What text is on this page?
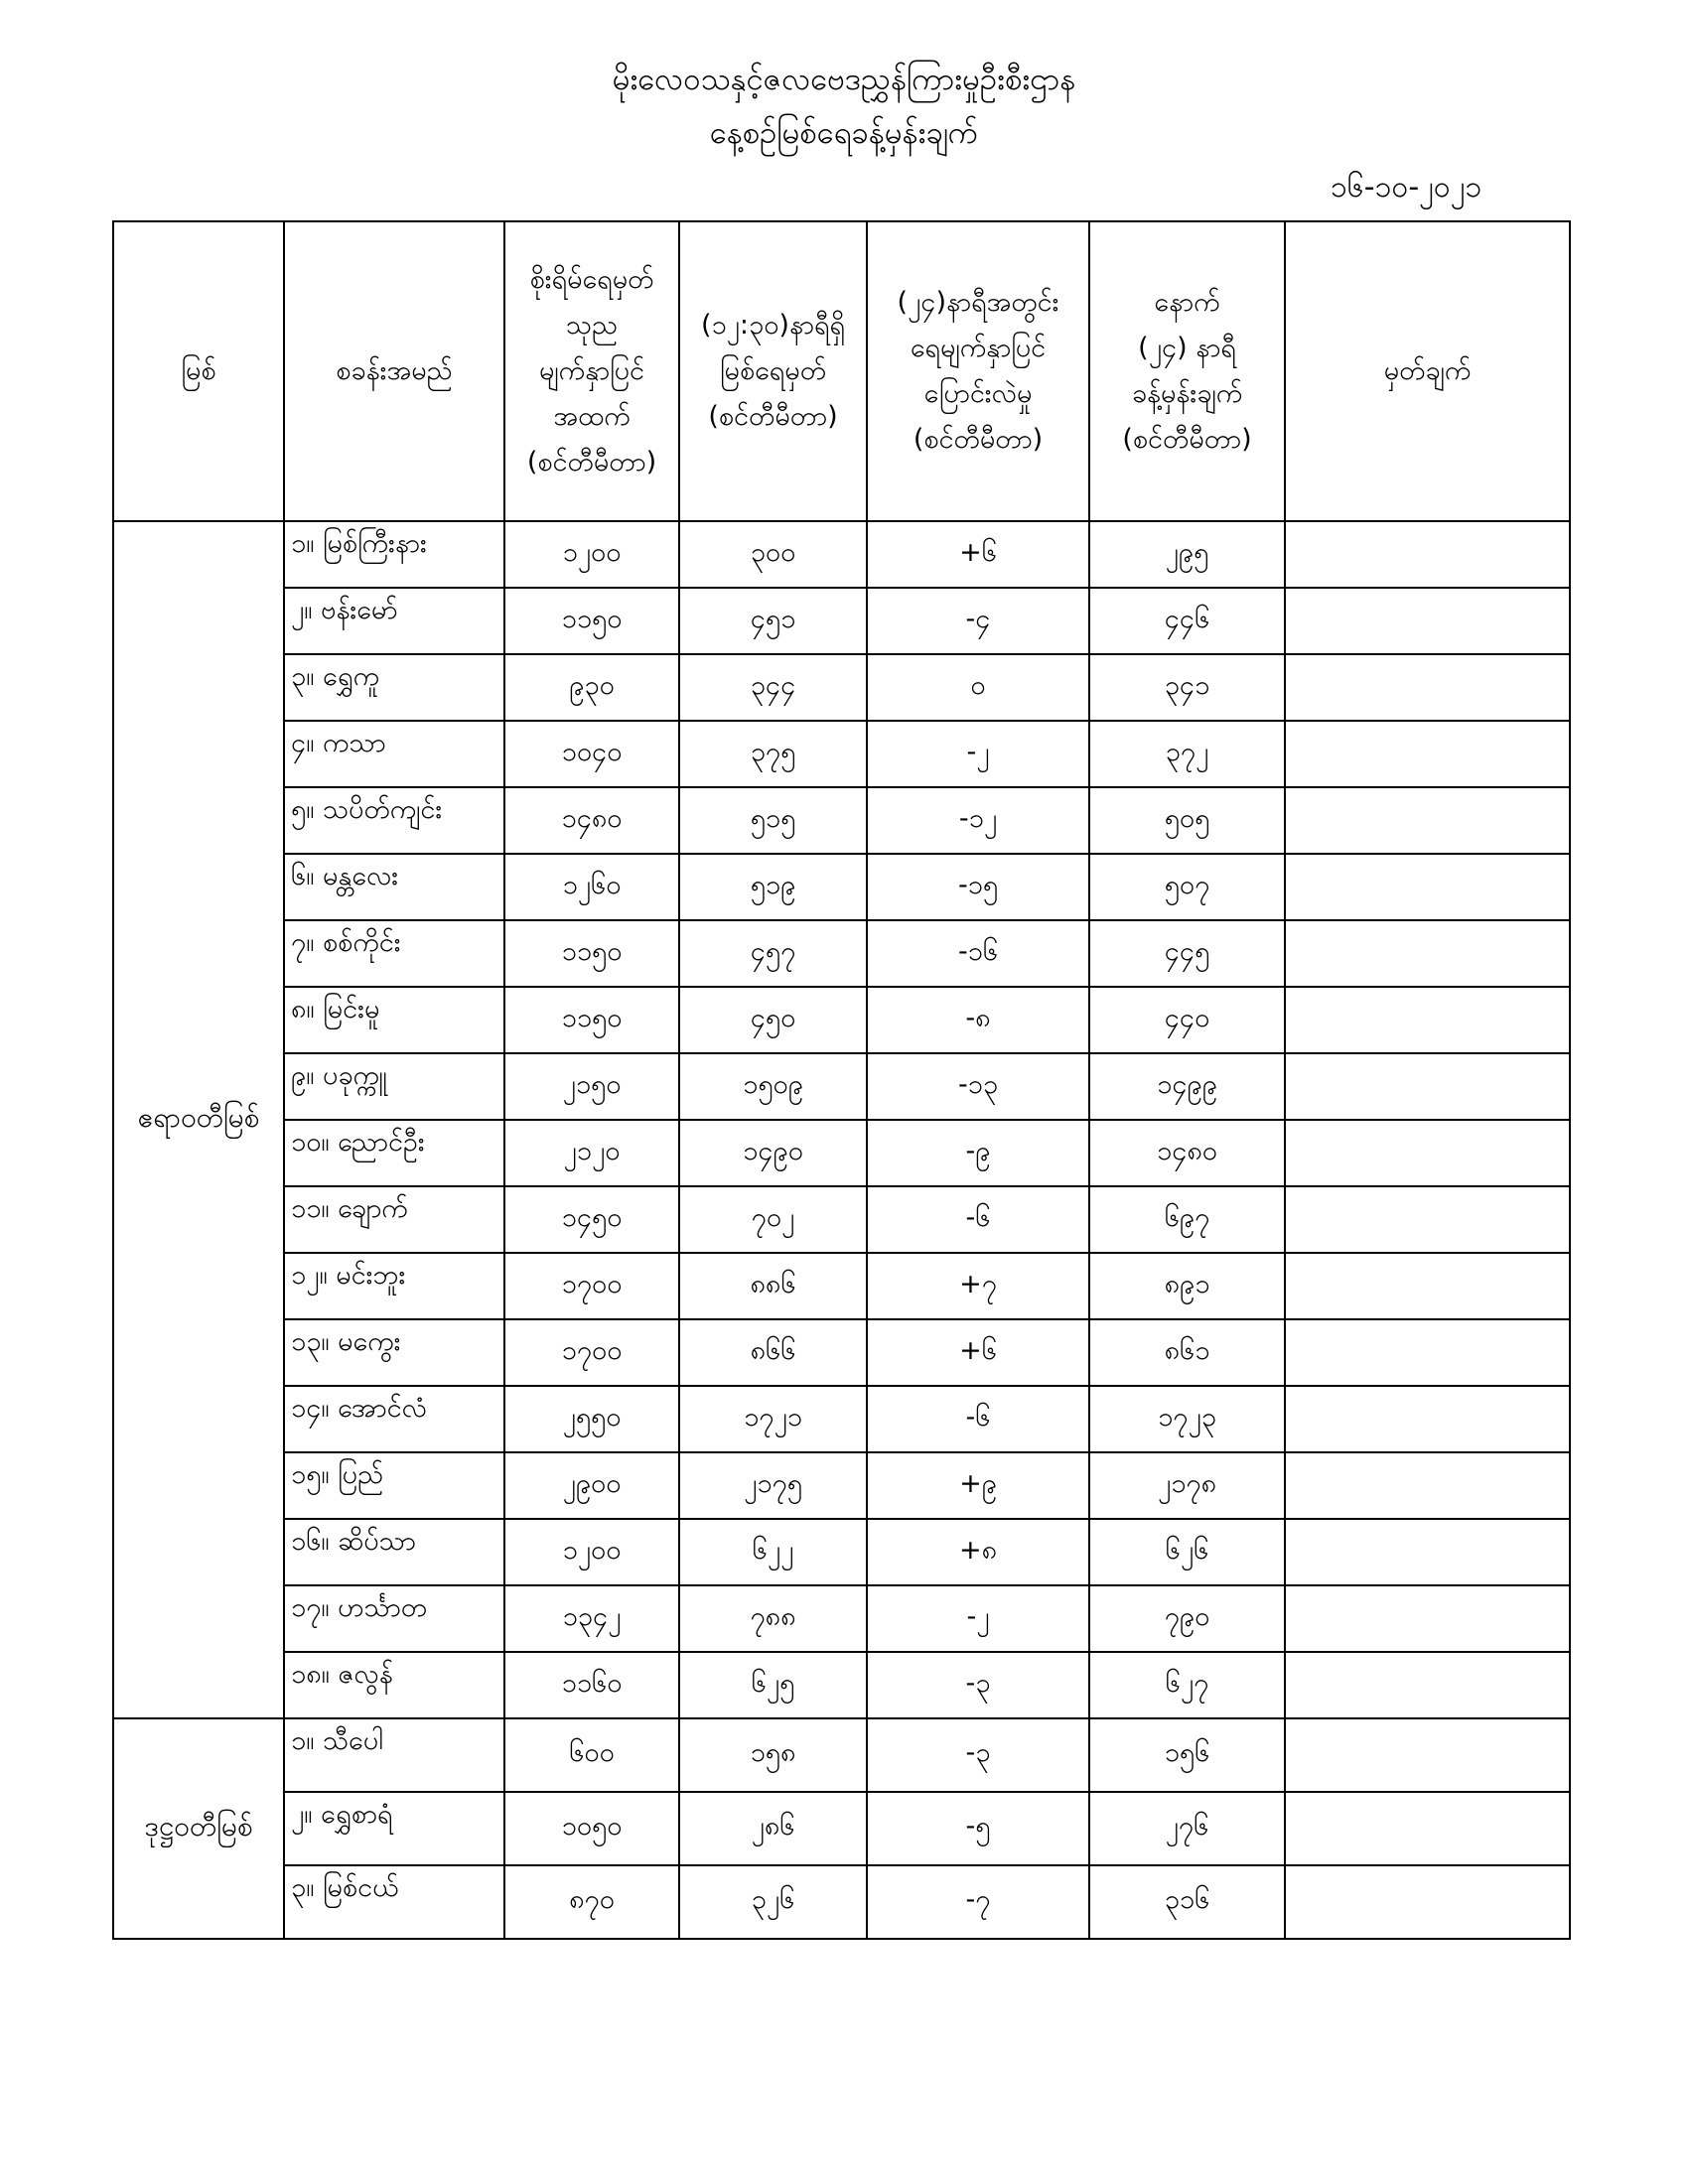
မိုးလေဝသနှင့်ဇလဗေဒညွှန်ကြားမှုဦးစီးဌာန
နေ့စဉ်မြစ်ရေခန့်မှန်းချက်
၁၆-၁၀-၂၀၂၁
မြစ်	စခန်းအမည်	စိုးရိမ်ရေမှတ်
သုည
မျက်နှာပြင်
အထက်
(စင်တီမီတာ)	(၁၂:၃၀)နာရီရှိ
မြစ်ရေမှတ်
(စင်တီမီတာ)	(၂၄)နာရီအတွင်း
ရေမျက်နှာပြင်
ပြောင်းလဲမှု
(စင်တီမီတာ)	နောက်
(၂၄) နာရီ
ခန့်မှန်းချက်
(စင်တီမီတာ)	မှတ်ချက်

ဧရာဝတီမြစ်	၁။ မြစ်ကြီးနား	၁၂၀၀	၃၀၀	+၆	၂၉၅	
	၂။ ဗန်းမော်	၁၁၅၀	၄၅၁	-၄	၄၄၆	
	၃။ ရွှေကူ	၉၃၀	၃၄၄	၀	၃၄၁	
	၄။ ကသာ	၁၀၄၀	၃၇၅	-၂	၃၇၂	
	၅။ သပိတ်ကျင်း	၁၄၈၀	၅၁၅	-၁၂	၅၀၅	
	၆။ မန္တလေး	၁၂၆၀	၅၁၉	-၁၅	၅၀၇	
	၇။ စစ်ကိုင်း	၁၁၅၀	၄၅၇	-၁၆	၄၄၅	
	၈။ မြင်းမူ	၁၁၅၀	၄၅၀	-၈	၄၄၀	
	၉။ ပခုက္ကူ	၂၁၅၀	၁၅၀၉	-၁၃	၁၄၉၉	
	၁၀။ ညောင်ဦး	၂၁၂၀	၁၄၉၀	-၉	၁၄၈၀	
	၁၁။ ချောက်	၁၄၅၀	၇၀၂	-၆	၆၉၇	
	၁၂။ မင်းဘူး	၁၇၀၀	၈၈၆	+၇	၈၉၁	
	၁၃။ မကွေး	၁၇၀၀	၈၆၆	+၆	၈၆၁	
	၁၄။ အောင်လံ	၂၅၅၀	၁၇၂၁	-၆	၁၇၂၃	
	၁၅။ ပြည်	၂၉၀၀	၂၁၇၅	+၉	၂၁၇၈	
	၁၆။ ဆိပ်သာ	၁၂၀၀	၆၂၂	+၈	၆၂၆	
	၁၇။ ဟင်္သာတ	၁၃၄၂	၇၈၈	-၂	၇၉၀	
	၁၈။ ဇလွန်	၁၁၆၀	၆၂၅	-၃	၆၂၇	
ဒုဋ္ဌဝတီမြစ်	၁။ သီပေါ	၆၀၀	၁၅၈	-၃	၁၅၆	
	၂။ ရွှေစာရံ	၁၀၅၀	၂၈၆	-၅	၂၇၆	
	၃။ မြစ်ငယ်	၈၇၀	၃၂၆	-၇	၃၁၆	
